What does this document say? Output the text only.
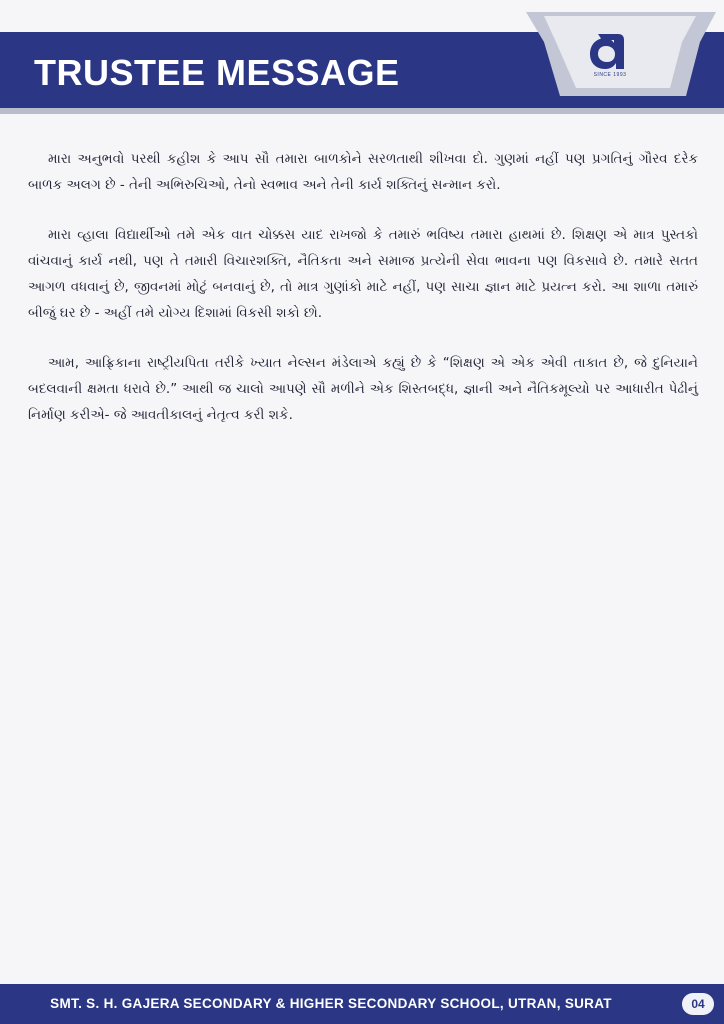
TRUSTEE MESSAGE	SINCE 1993

મારા અનુભવો પરથી કહીશ કે આપ સૌ તમારા બાળકોને સરળતાથી શીખવા દો. ગુણમાં નહીં પણ પ્રગતિનું ગૌરવ દરેક બાળક અલગ છે - તેની અભિરુચિઓ, તેનો સ્વભાવ અને તેની કાર્ય શક્તિનું સન્માન કરો.

મારા વ્હાલા વિદ્યાર્થીઓ તમે એક વાત ચોક્કસ યાદ રાખજો કે તમારું ભવિષ્ય તમારા હાથમાં છે. શિક્ષણ એ માત્ર પુસ્તકો વાંચવાનું કાર્ય નથી, પણ તે તમારી વિચારશક્તિ, નૈતિકતા અને સમાજ પ્રત્યેની સેવા ભાવના પણ વિકસાવે છે. તમારે સતત આગળ વધવાનું છે, જીવનમાં મોટું બનવાનું છે, તો માત્ર ગુણાંકો માટે નહીં, પણ સાચા જ્ઞાન માટે પ્રયત્ન કરો. આ શાળા તમારું બીજું ઘર છે - અહીં તમે યોગ્ય દિશામાં વિકસી શકો છો.

આમ, આફ્રિકાના રાષ્ટ્રીયપિતા તરીકે ખ્યાત નેલ્સન મંડેલાએ કહ્યું છે કે “શિક્ષણ એ એક એવી તાકાત છે, જે દુનિયાને બદલવાની ક્ષમતા ધરાવે છે.” આથી જ ચાલો આપણે સૌ મળીને એક શિસ્તબદ્ધ, જ્ઞાની અને નૈતિકમૂલ્યો પર આધારીત પેઢીનું નિર્માણ કરીએ- જે આવતીકાલનું નેતૃત્વ કરી શકે.

SMT. S. H. GAJERA SECONDARY & HIGHER SECONDARY SCHOOL, UTRAN, SURAT	04
